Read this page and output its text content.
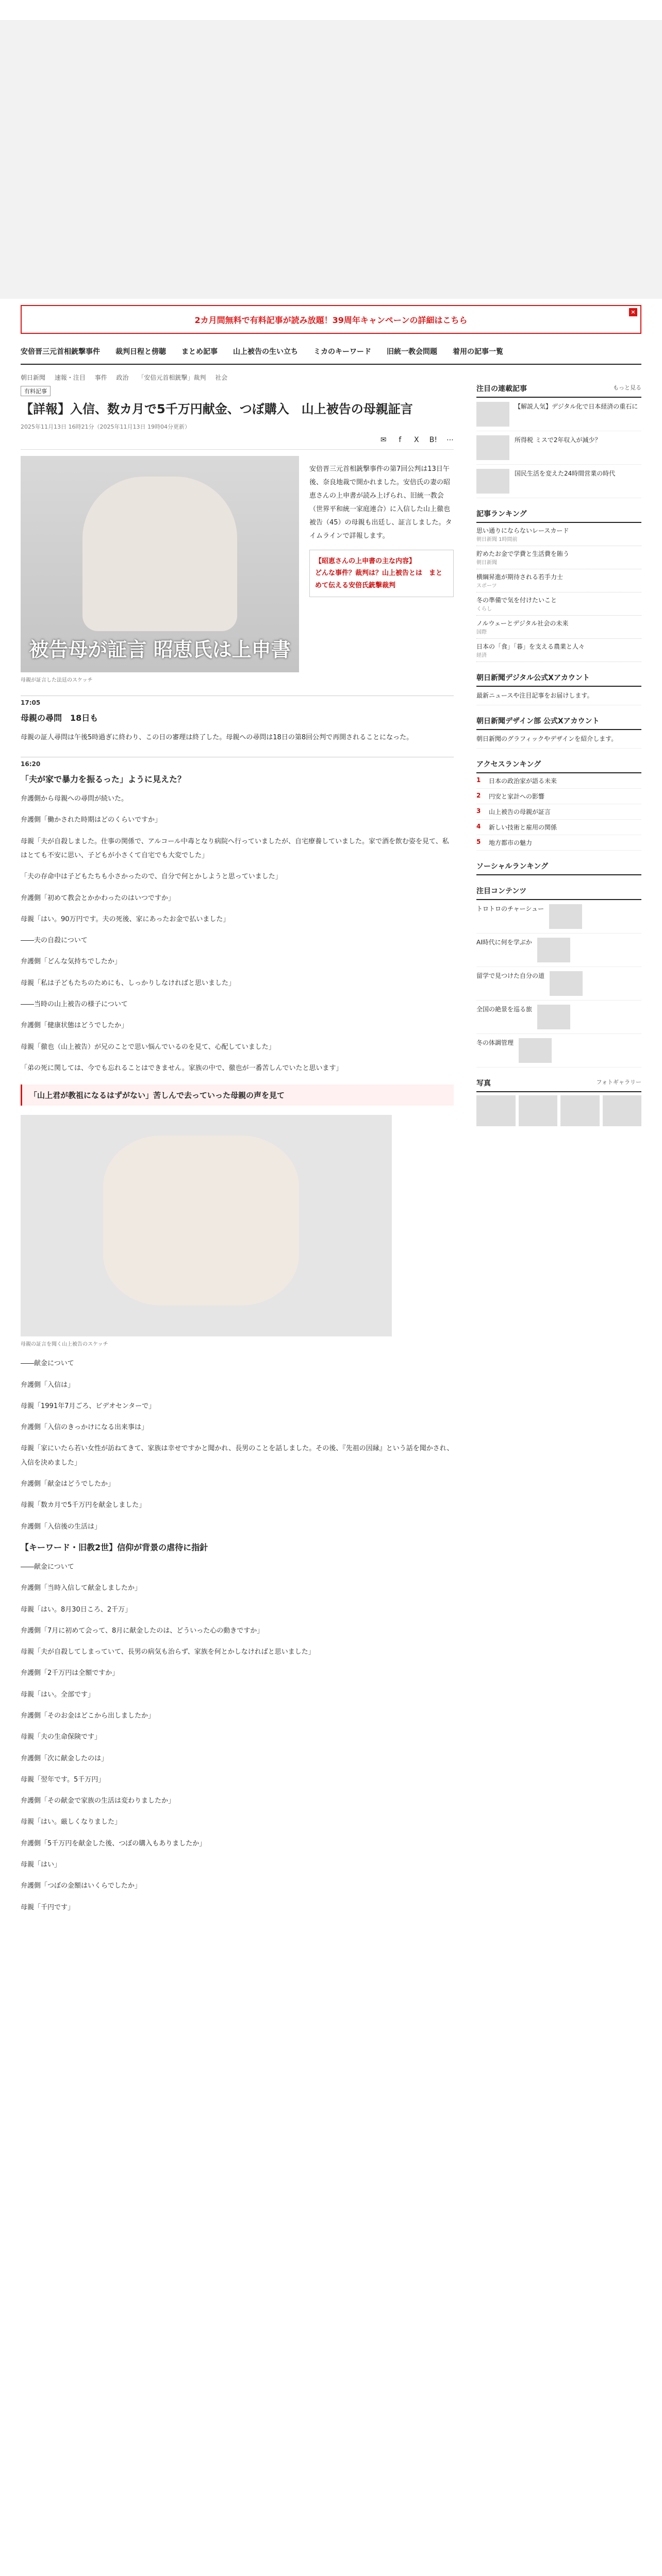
2カ月間無料で有料記事が読み放題！39周年キャンペーンの詳細はこちら
×
安倍晋三元首相銃撃事件 裁判日程と傍聴 まとめ記事 山上被告の生い立ち ミカのキーワード 旧統一教会問題 着用の記事一覧
朝日新聞 速報・注目 事件 政治 「安倍元首相銃撃」裁判 社会
有料記事
【詳報】入信、数カ月で5千万円献金、つぼ購入　山上被告の母親証言
2025年11月13日 16時21分（2025年11月13日 19時04分更新）
✉	f	X B! ⋯
被告母が証言 昭恵氏は上申書

安倍晋三元首相銃撃事件の第7回公判は13日午後、奈良地裁で開かれました。安倍氏の妻の昭恵さんの上申書が読み上げられ、旧統一教会（世界平和統一家庭連合）に入信した山上徹也被告（45）の母親も出廷し、証言しました。タイムラインで詳報します。

【昭恵さんの上申書の主な内容】
どんな事件？裁判は？山上被告とは　まとめて伝える安倍氏銃撃裁判
母親が証言した法廷のスケッチ
17:05
母親の尋問　18日も

母親の証人尋問は午後5時過ぎに終わり、この日の審理は終了した。母親への尋問は18日の第8回公判で再開されることになった。

16:20
「夫が家で暴力を振るった」ように見えた？

弁護側から母親への尋問が続いた。

弁護側「働かされた時期はどのくらいですか」

母親「夫が自殺しました。仕事の関係で、アルコール中毒となり病院へ行っていましたが、自宅療養していました。家で酒を飲む姿を見て、私はとても不安に思い、子どもが小さくて自宅でも大変でした」

「夫の存命中は子どもたちも小さかったので、自分で何とかしようと思っていました」

弁護側「初めて教会とかかわったのはいつですか」

母親「はい。90万円です。夫の死後、家にあったお金で払いました」

――夫の自殺について

弁護側「どんな気持ちでしたか」

母親「私は子どもたちのためにも、しっかりしなければと思いました」

――当時の山上被告の様子について

弁護側「健康状態はどうでしたか」

母親「徹也（山上被告）が兄のことで思い悩んでいるのを見て、心配していました」

「弟の死に関しては、今でも忘れることはできません。家族の中で、徹也が一番苦しんでいたと思います」

「山上君が教祖になるはずがない」苦しんで去っていった母親の声を見て
母親の証言を聞く山上被告のスケッチ

――献金について

弁護側「入信は」

母親「1991年7月ごろ、ビデオセンターで」

弁護側「入信のきっかけになる出来事は」

母親「家にいたら若い女性が訪ねてきて、家族は幸せですかと聞かれ、長男のことを話しました。その後、『先祖の因縁』という話を聞かされ、入信を決めました」

弁護側「献金はどうでしたか」

母親「数カ月で5千万円を献金しました」

弁護側「入信後の生活は」

【キーワード・旧教2世】信仰が背景の虐待に指針

――献金について

弁護側「当時入信して献金しましたか」

母親「はい。8月30日ころ、2千万」

弁護側「7月に初めて会って、8月に献金したのは、どういった心の動きですか」

母親「夫が自殺してしまっていて、長男の病気も治らず、家族を何とかしなければと思いました」

弁護側「2千万円は全額ですか」

母親「はい。全部です」

弁護側「そのお金はどこから出しましたか」

母親「夫の生命保険です」

弁護側「次に献金したのは」

母親「翌年です。5千万円」

弁護側「その献金で家族の生活は変わりましたか」

母親「はい。厳しくなりました」

弁護側「5千万円を献金した後、つぼの購入もありましたか」

母親「はい」

弁護側「つぼの金額はいくらでしたか」

母親「千円です」

注目の連載記事	もっと見る
【解説人気】デジタル化で日本経済の重石に
所得税 ミスで2年収入が減少？
国民生活を変えた24時間営業の時代
記事ランキング
思い通りにならないレースカード
朝日新聞 1時間前
貯めたお金で学費と生活費を賄う
朝日新聞
横綱昇進が期待される若手力士
スポーツ
冬の準備で気を付けたいこと
くらし
ノルウェーとデジタル社会の未来
国際
日本の「食」「暮」を支える農業と人々
経済
朝日新聞デジタル公式Xアカウント
最新ニュースや注目記事をお届けします。
朝日新聞デザイン部 公式Xアカウント
朝日新聞のグラフィックやデザインを紹介します。
アクセスランキング
1	日本の政治家が語る未来
2	円安と家計への影響
3	山上被告の母親が証言
4	新しい技術と雇用の関係
5	地方都市の魅力
ソーシャルランキング
注目コンテンツ
トロトロのチャーシュー
AI時代に何を学ぶか
留学で見つけた自分の道
全国の絶景を巡る旅
冬の体調管理
写真	フォトギャラリー
